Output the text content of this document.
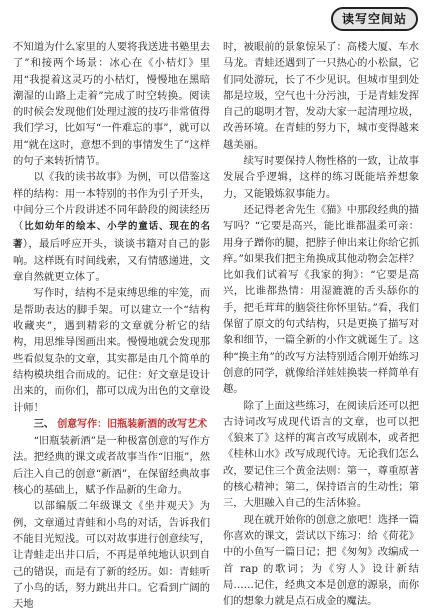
读写空间站

不知道为什么家里的人要将我送进书塾里去了”和接两个场景：冰心在《小桔灯》里用“我提着这灵巧的小桔灯，慢慢地在黑暗潮湿的山路上走着”完成了时空转换。阅读的时候会发现他们处理过渡的技巧非常值得我们学习，比如写“一件难忘的事”，就可以用“就在这时，意想不到的事情发生了”这样的句子来转折情节。

以《我的读书故事》为例，可以借鉴这样的结构：用一本特别的书作为引子开头，中间分三个片段讲述不同年龄段的阅读经历（比如幼年的绘本、小学的童话、现在的名著），最后呼应开头，谈谈书籍对自己的影响。这样既有时间线索，又有情感递进，文章自然就更立体了。

写作时，结构不是束缚思维的牢笼，而是帮助表达的脚手架。可以建立一个“结构收藏夹”，遇到精彩的文章就分析它的结构，用思维导图画出来。慢慢地就会发现那些看似复杂的文章，其实都是由几个简单的结构模块组合而成的。记住：好文章是设计出来的，而你们，都可以成为出色的文章设计师！

三、 创意写作：旧瓶装新酒的改写艺术

“旧瓶装新酒”是一种极富创意的写作方法。把经典的课文或者故事当作“旧瓶”，然后注入自己的创意“新酒”，在保留经典故事核心的基础上，赋予作品新的生命力。

以部编版二年级课文《坐井观天》为例，文章通过青蛙和小鸟的对话，告诉我们不能目光短浅。可以对故事进行创意续写，让青蛙走出井口后，不再是单纯地认识到自己的错误，而是有了新的经历。如：青蛙听了小鸟的话，努力跳出井口。它看到广阔的天地

时，被眼前的景象惊呆了：高楼大厦、车水马龙。青蛙还遇到了一只热心的小松鼠，它们同处游玩，长了不少见识。但城市里到处都是垃圾，空气也十分污浊，于是青蛙发挥自己的聪明才智，发动大家一起清理垃圾，改善环境。在青蛙的努力下，城市变得越来越美丽。

续写时要保持人物性格的一致，让故事发展合乎逻辑，这样的练习既能培养想象力，又能锻炼叙事能力。

还记得老舍先生《猫》中那段经典的描写吗？“它要是高兴，能比谁都温柔可亲：用身子蹭你的腿，把脖子伸出来让你给它抓痒。”如果我们把主角换成其他动物会怎样？比如我们试着写《我家的狗》：“它要是高兴，比谁都热情：用湿漉漉的舌头舔你的手，把毛茸茸的脑袋往你怀里钻。”看，我们保留了原文的句式结构，只是更换了描写对象和细节，一篇全新的小作文就诞生了。这种“换主角”的改写方法特别适合刚开始练习创意的同学，就像给洋娃娃换装一样简单有趣。

除了上面这些练习，在阅读后还可以把古诗词改写成现代语言的文章，也可以把《狼来了》这样的寓言改写成剧本，或者把《桂林山水》改写成现代诗。无论我们怎么改，要记住三个黄金法则：第一，尊重原著的核心精神；第二，保持语言的生动性；第三，大胆融入自己的生活体验。

现在就开始你的创意之旅吧！选择一篇你喜欢的课文，尝试以下练习：给《荷花》中的小鱼写一篇日记；把《匆匆》改编成一首 rap 的歌词；为《穷人》设计新结局……记住，经典文本是创意的源泉，而你们的想象力就是点石成金的魔法。
